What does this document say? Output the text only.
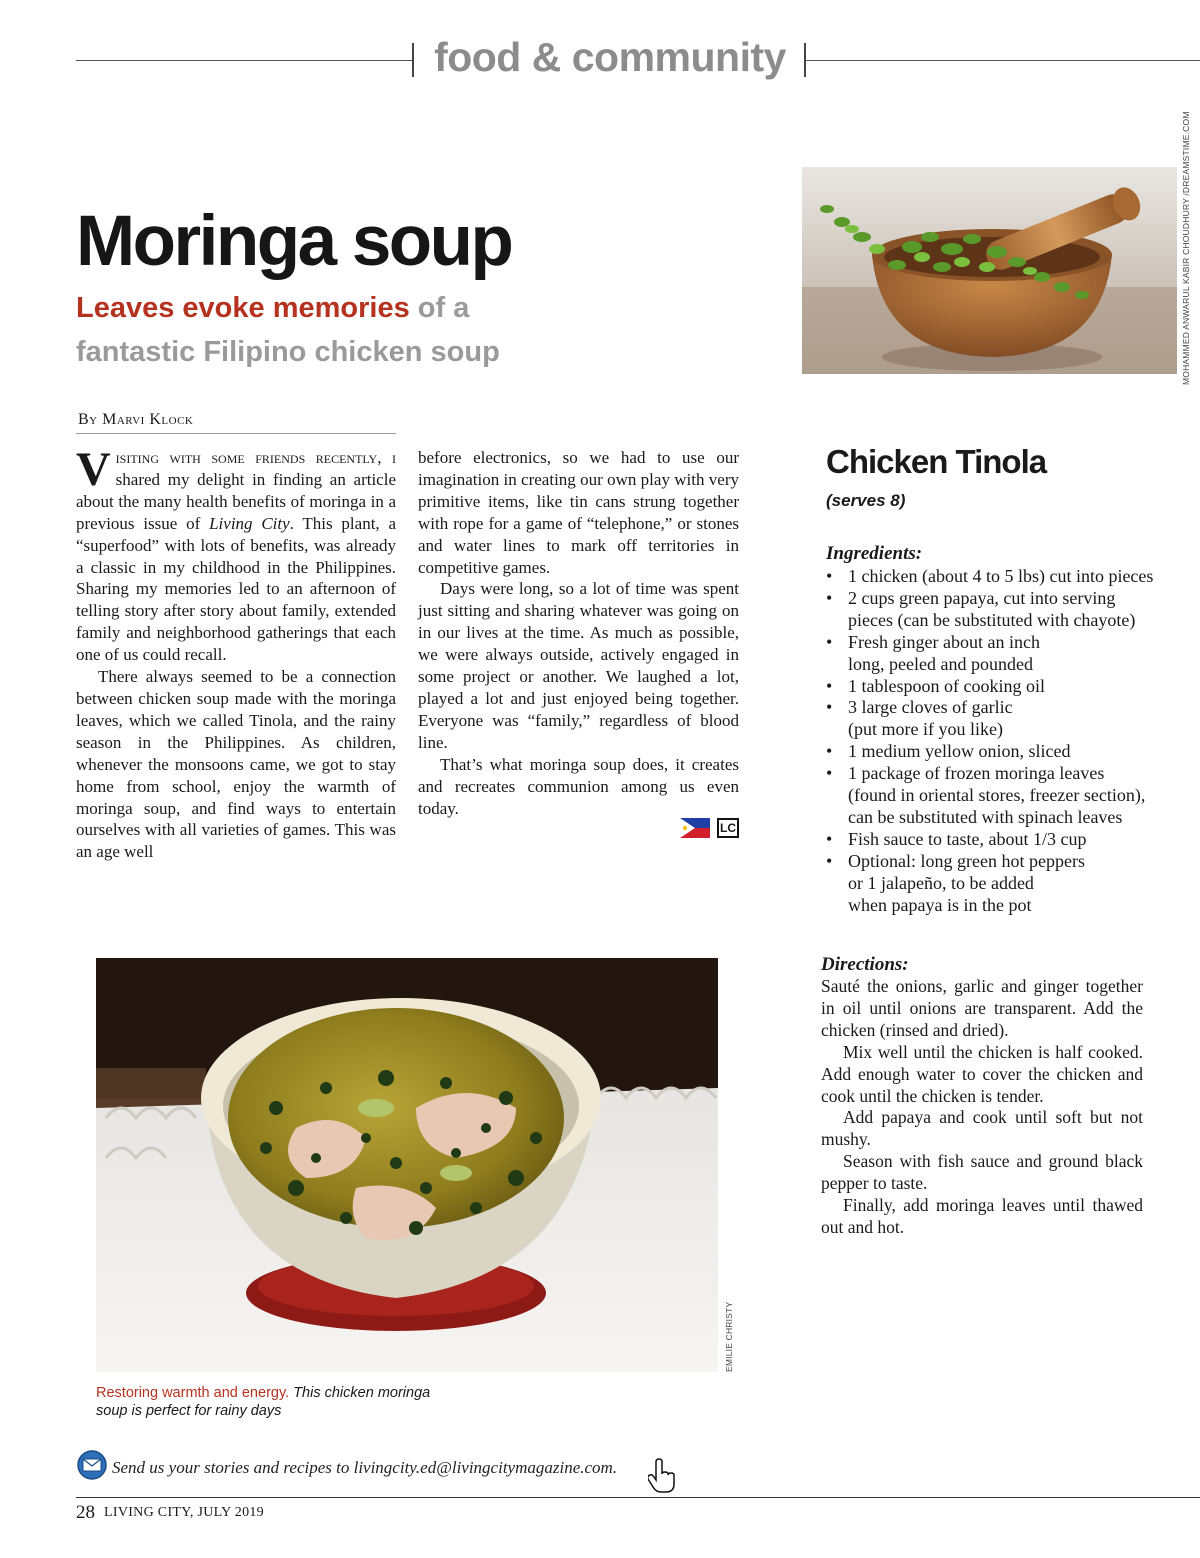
food & community
MOHAMMED ANWARUL KABIR CHOUDHURY /DREAMSTIME.COM
Moringa soup

Leaves evoke memories of a fantastic Filipino chicken soup

By Marvi Klock

Visiting with some friends recently, i shared my delight in finding an article about the many health benefits of moringa in a previous issue of Living City. This plant, a “superfood” with lots of benefits, was already a classic in my childhood in the Philippines. Sharing my memories led to an afternoon of telling story after story about family, extended family and neighborhood gatherings that each one of us could recall.

There always seemed to be a connection between chicken soup made with the moringa leaves, which we called Tinola, and the rainy season in the Philippines. As children, whenever the monsoons came, we got to stay home from school, enjoy the warmth of moringa soup, and find ways to entertain ourselves with all varieties of games. This was an age well

before electronics, so we had to use our imagination in creating our own play with very primitive items, like tin cans strung together with rope for a game of “telephone,” or stones and water lines to mark off territories in competitive games.

Days were long, so a lot of time was spent just sitting and sharing whatever was going on in our lives at the time. As much as possible, we were always outside, actively engaged in some project or another. We laughed a lot, played a lot and just enjoyed being together. Everyone was “family,” regardless of blood line.

That’s what moringa soup does, it creates and recreates communion among us even today.

LC
Chicken Tinola

(serves 8)

Ingredients:

• 1 chicken (about 4 to 5 lbs) cut into pieces
• 2 cups green papaya, cut into serving
pieces (can be substituted with chayote)
• Fresh ginger about an inch
long, peeled and pounded
• 1 tablespoon of cooking oil
• 3 large cloves of garlic
(put more if you like)
• 1 medium yellow onion, sliced
• 1 package of frozen moringa leaves
(found in oriental stores, freezer section),
can be substituted with spinach leaves
• Fish sauce to taste, about 1/3 cup
• Optional: long green hot peppers
or 1 jalapeño, to be added
when papaya is in the pot

Directions:

Sauté the onions, garlic and ginger together in oil until onions are transparent. Add the chicken (rinsed and dried).

Mix well until the chicken is half cooked. Add enough water to cover the chicken and cook until the chicken is tender.

Add papaya and cook until soft but not mushy.

Season with fish sauce and ground black pepper to taste.

Finally, add moringa leaves until thawed out and hot.

EMILIE CHRISTY

Restoring warmth and energy. This chicken moringa soup is perfect for rainy days

Send us your stories and recipes to livingcity.ed@livingcitymagazine.com.

28 LIVING CITY, JULY 2019
